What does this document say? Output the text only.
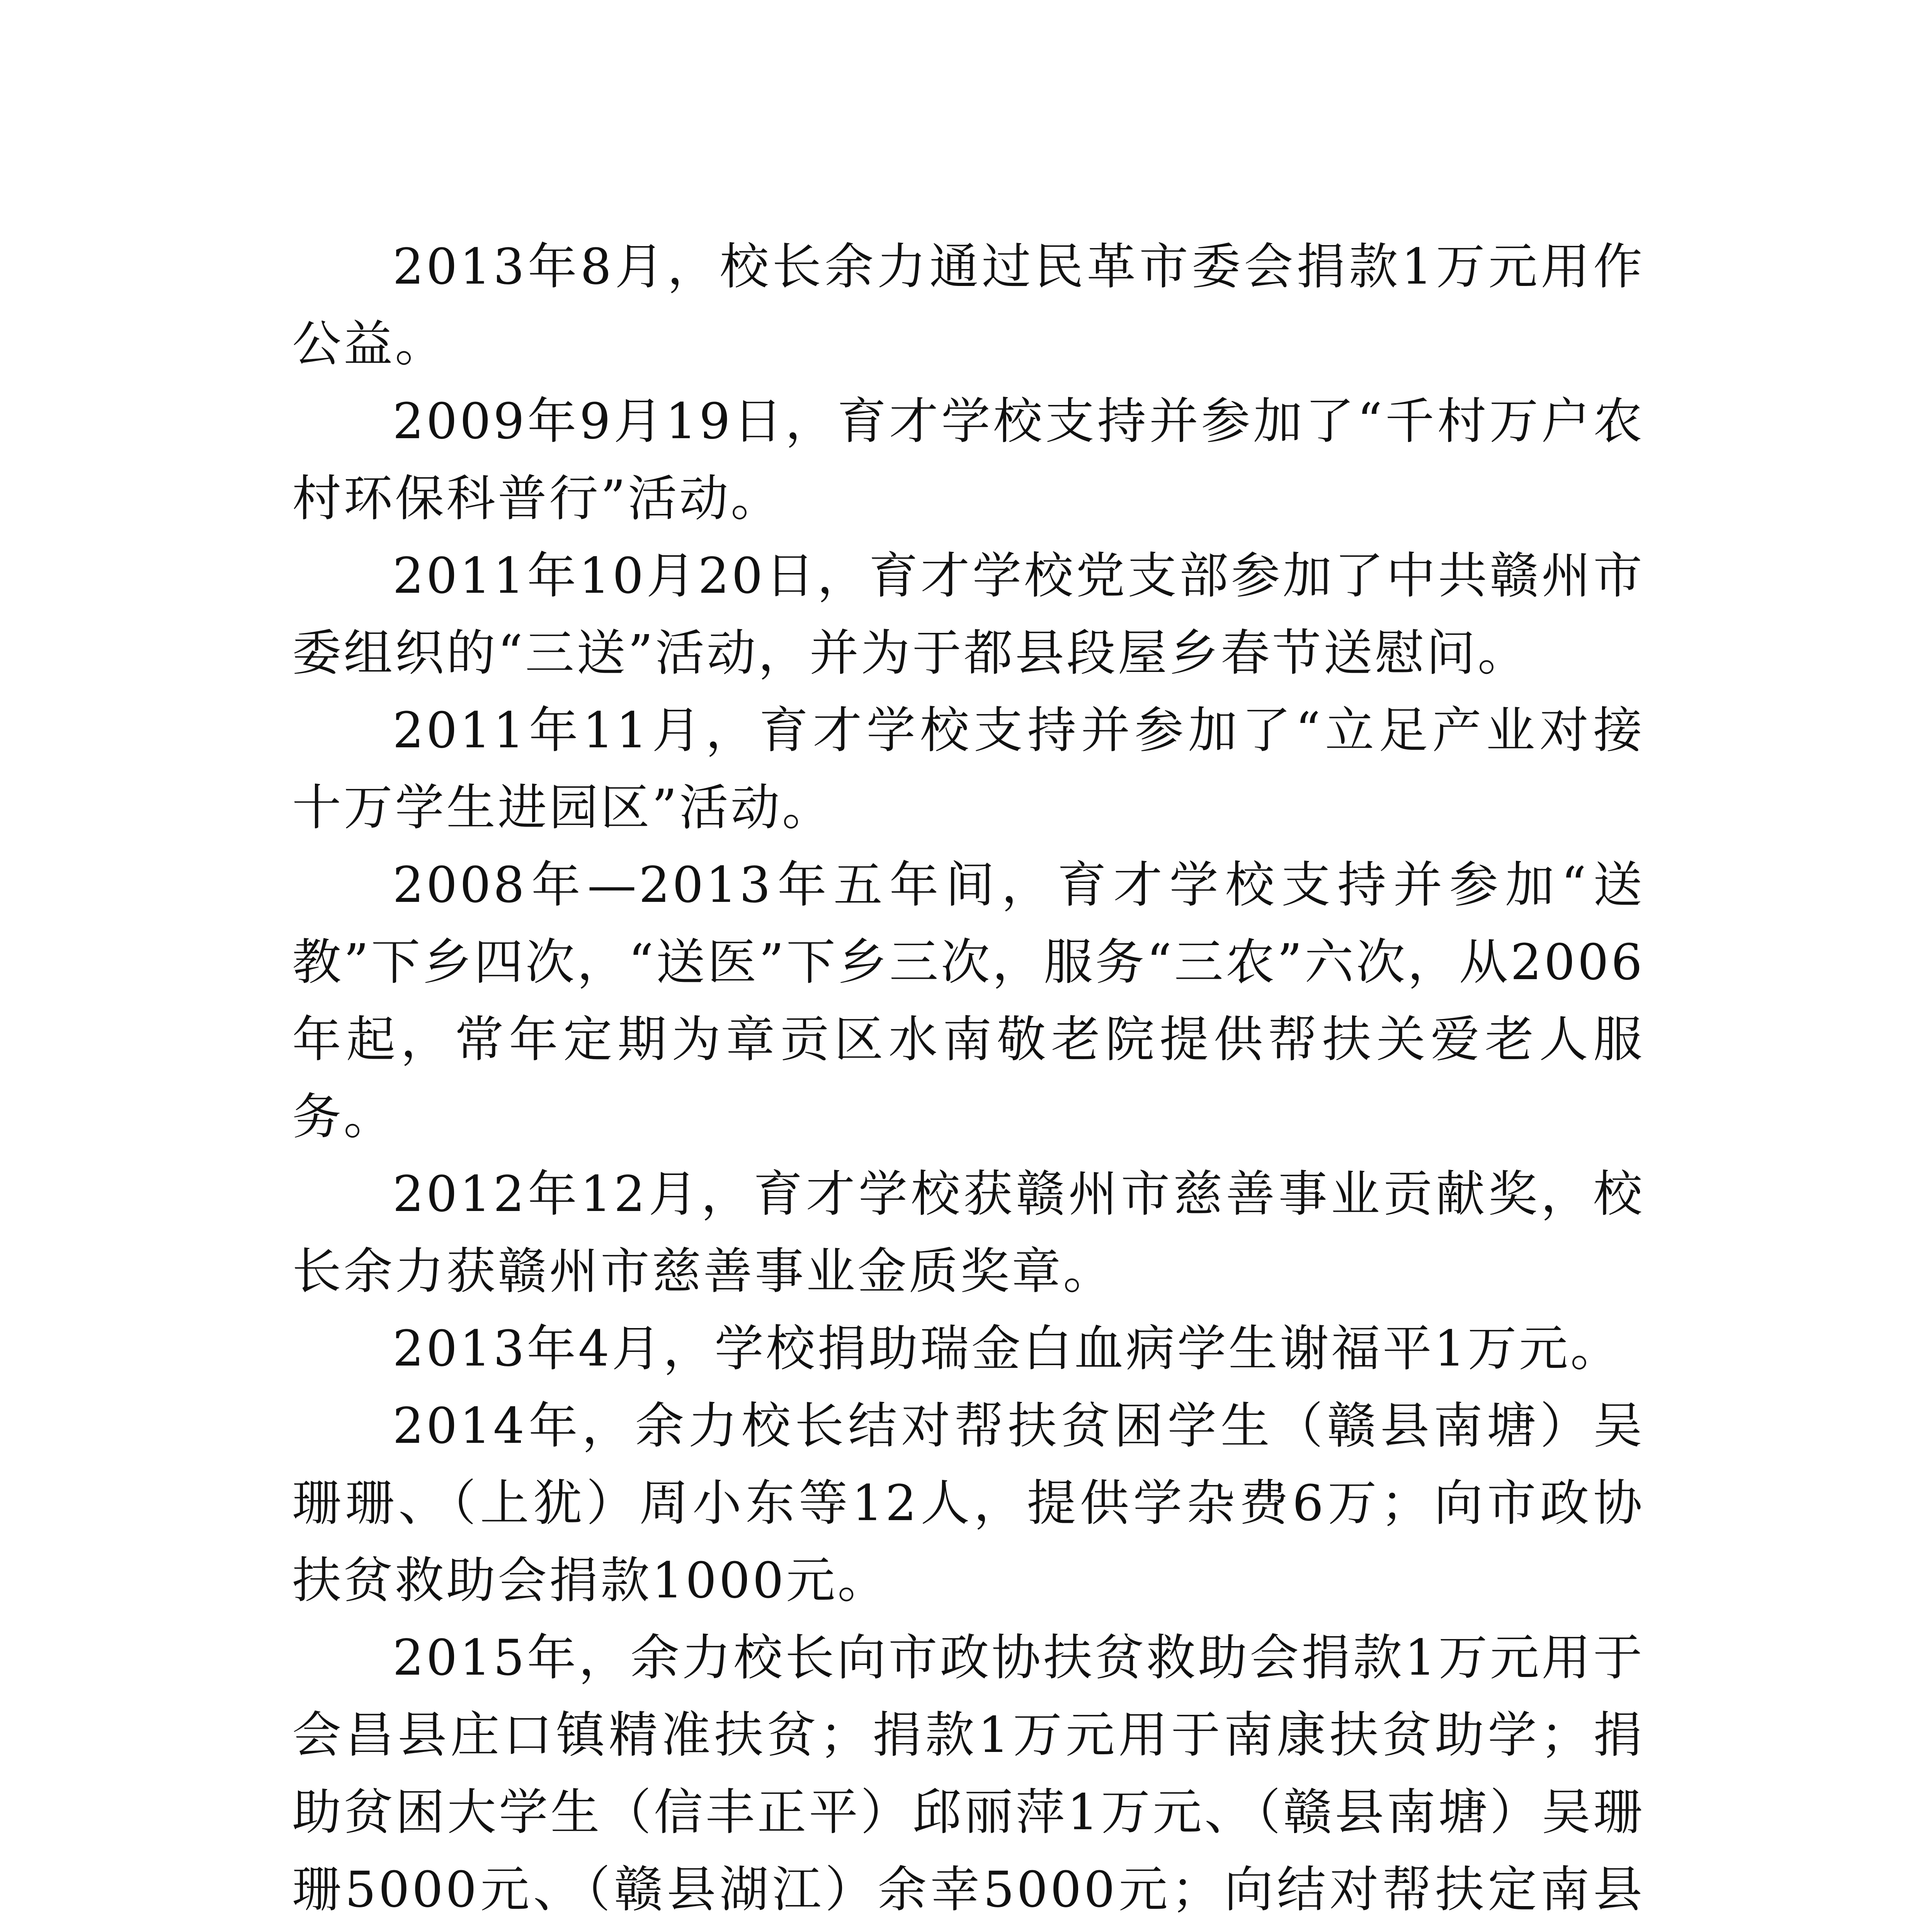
2013年8月，校长余力通过民革市委会捐款1万元用作公益。

2009年9月19日，育才学校支持并参加了“千村万户农村环保科普行”活动。

2011年10月20日，育才学校党支部参加了中共赣州市委组织的“三送”活动，并为于都县段屋乡春节送慰问。

2011年11月，育才学校支持并参加了“立足产业对接十万学生进园区”活动。

2008年—2013年五年间，育才学校支持并参加“送教”下乡四次，“送医”下乡三次，服务“三农”六次，从2006年起，常年定期为章贡区水南敬老院提供帮扶关爱老人服务。

2012年12月，育才学校获赣州市慈善事业贡献奖，校长余力获赣州市慈善事业金质奖章。

2013年4月，学校捐助瑞金白血病学生谢福平1万元。

2014年，余力校长结对帮扶贫困学生（赣县南塘）吴珊珊、（上犹）周小东等12人，提供学杂费6万；向市政协扶贫救助会捐款1000元。

2015年，余力校长向市政协扶贫救助会捐款1万元用于会昌县庄口镇精准扶贫；捐款1万元用于南康扶贫助学；捐助贫困大学生（信丰正平）邱丽萍1万元、（赣县南塘）吴珊珊5000元、（赣县湖江）余幸5000元；向结对帮扶定南县
